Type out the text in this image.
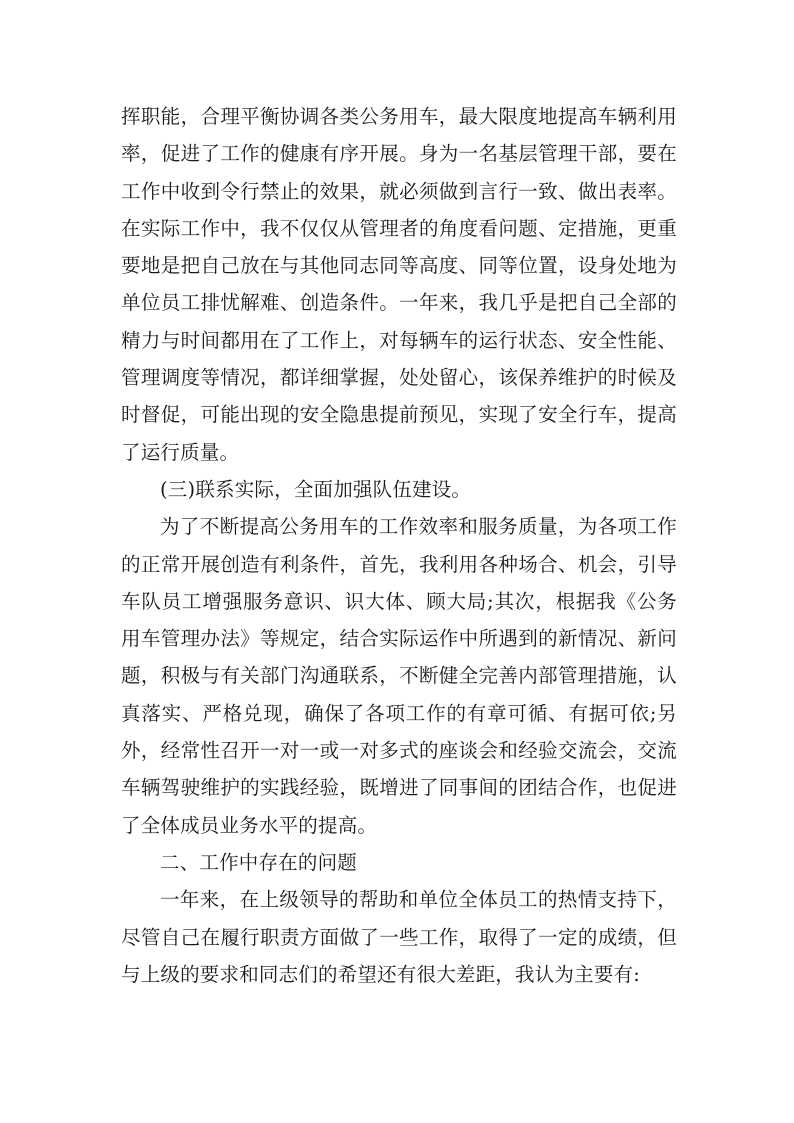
挥职能，合理平衡协调各类公务用车，最大限度地提高车辆利用率，促进了工作的健康有序开展。身为一名基层管理干部，要在工作中收到令行禁止的效果，就必须做到言行一致、做出表率。在实际工作中，我不仅仅从管理者的角度看问题、定措施，更重要地是把自己放在与其他同志同等高度、同等位置，设身处地为单位员工排忧解难、创造条件。一年来，我几乎是把自己全部的精力与时间都用在了工作上，对每辆车的运行状态、安全性能、管理调度等情况，都详细掌握，处处留心，该保养维护的时候及时督促，可能出现的安全隐患提前预见，实现了安全行车，提高了运行质量。

(三)联系实际，全面加强队伍建设。

为了不断提高公务用车的工作效率和服务质量，为各项工作的正常开展创造有利条件，首先，我利用各种场合、机会，引导车队员工增强服务意识、识大体、顾大局;其次，根据我《公务用车管理办法》等规定，结合实际运作中所遇到的新情况、新问题，积极与有关部门沟通联系，不断健全完善内部管理措施，认真落实、严格兑现，确保了各项工作的有章可循、有据可依;另外，经常性召开一对一或一对多式的座谈会和经验交流会，交流车辆驾驶维护的实践经验，既增进了同事间的团结合作，也促进了全体成员业务水平的提高。

二、工作中存在的问题

一年来，在上级领导的帮助和单位全体员工的热情支持下，尽管自己在履行职责方面做了一些工作，取得了一定的成绩，但与上级的要求和同志们的希望还有很大差距，我认为主要有:
